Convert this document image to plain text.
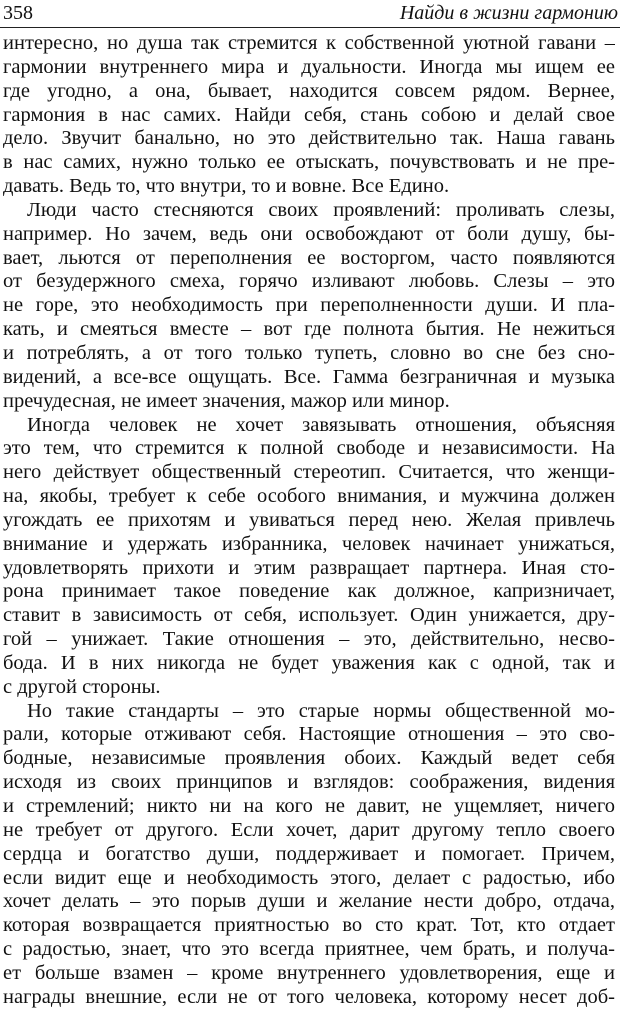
358	Найди в жизни гармонию
интересно, но душа так стремится к собственной уютной гавани –
гармонии внутреннего мира и дуальности. Иногда мы ищем ее
где угодно, а она, бывает, находится совсем рядом. Вернее,
гармония в нас самих. Найди себя, стань собою и делай свое
дело. Звучит банально, но это действительно так. Наша гавань
в нас самих, нужно только ее отыскать, почувствовать и не пре-
давать. Ведь то, что внутри, то и вовне. Все Едино.
Люди часто стесняются своих проявлений: проливать слезы,
например. Но зачем, ведь они освобождают от боли душу, бы-
вает, льются от переполнения ее восторгом, часто появляются
от безудержного смеха, горячо изливают любовь. Слезы – это
не горе, это необходимость при переполненности души. И пла-
кать, и смеяться вместе – вот где полнота бытия. Не нежиться
и потреблять, а от того только тупеть, словно во сне без сно-
видений, а все-все ощущать. Все. Гамма безграничная и музыка
пречудесная, не имеет значения, мажор или минор.
Иногда человек не хочет завязывать отношения, объясняя
это тем, что стремится к полной свободе и независимости. На
него действует общественный стереотип. Считается, что женщи-
на, якобы, требует к себе особого внимания, и мужчина должен
угождать ее прихотям и увиваться перед нею. Желая привлечь
внимание и удержать избранника, человек начинает унижаться,
удовлетворять прихоти и этим развращает партнера. Иная сто-
рона принимает такое поведение как должное, капризничает,
ставит в зависимость от себя, использует. Один унижается, дру-
гой – унижает. Такие отношения – это, действительно, несво-
бода. И в них никогда не будет уважения как с одной, так и
с другой стороны.
Но такие стандарты – это старые нормы общественной мо-
рали, которые отживают себя. Настоящие отношения – это сво-
бодные, независимые проявления обоих. Каждый ведет себя
исходя из своих принципов и взглядов: соображения, видения
и стремлений; никто ни на кого не давит, не ущемляет, ничего
не требует от другого. Если хочет, дарит другому тепло своего
сердца и богатство души, поддерживает и помогает. Причем,
если видит еще и необходимость этого, делает с радостью, ибо
хочет делать – это порыв души и желание нести добро, отдача,
которая возвращается приятностью во сто крат. Тот, кто отдает
с радостью, знает, что это всегда приятнее, чем брать, и получа-
ет больше взамен – кроме внутреннего удовлетворения, еще и
награды внешние, если не от того человека, которому несет доб-
